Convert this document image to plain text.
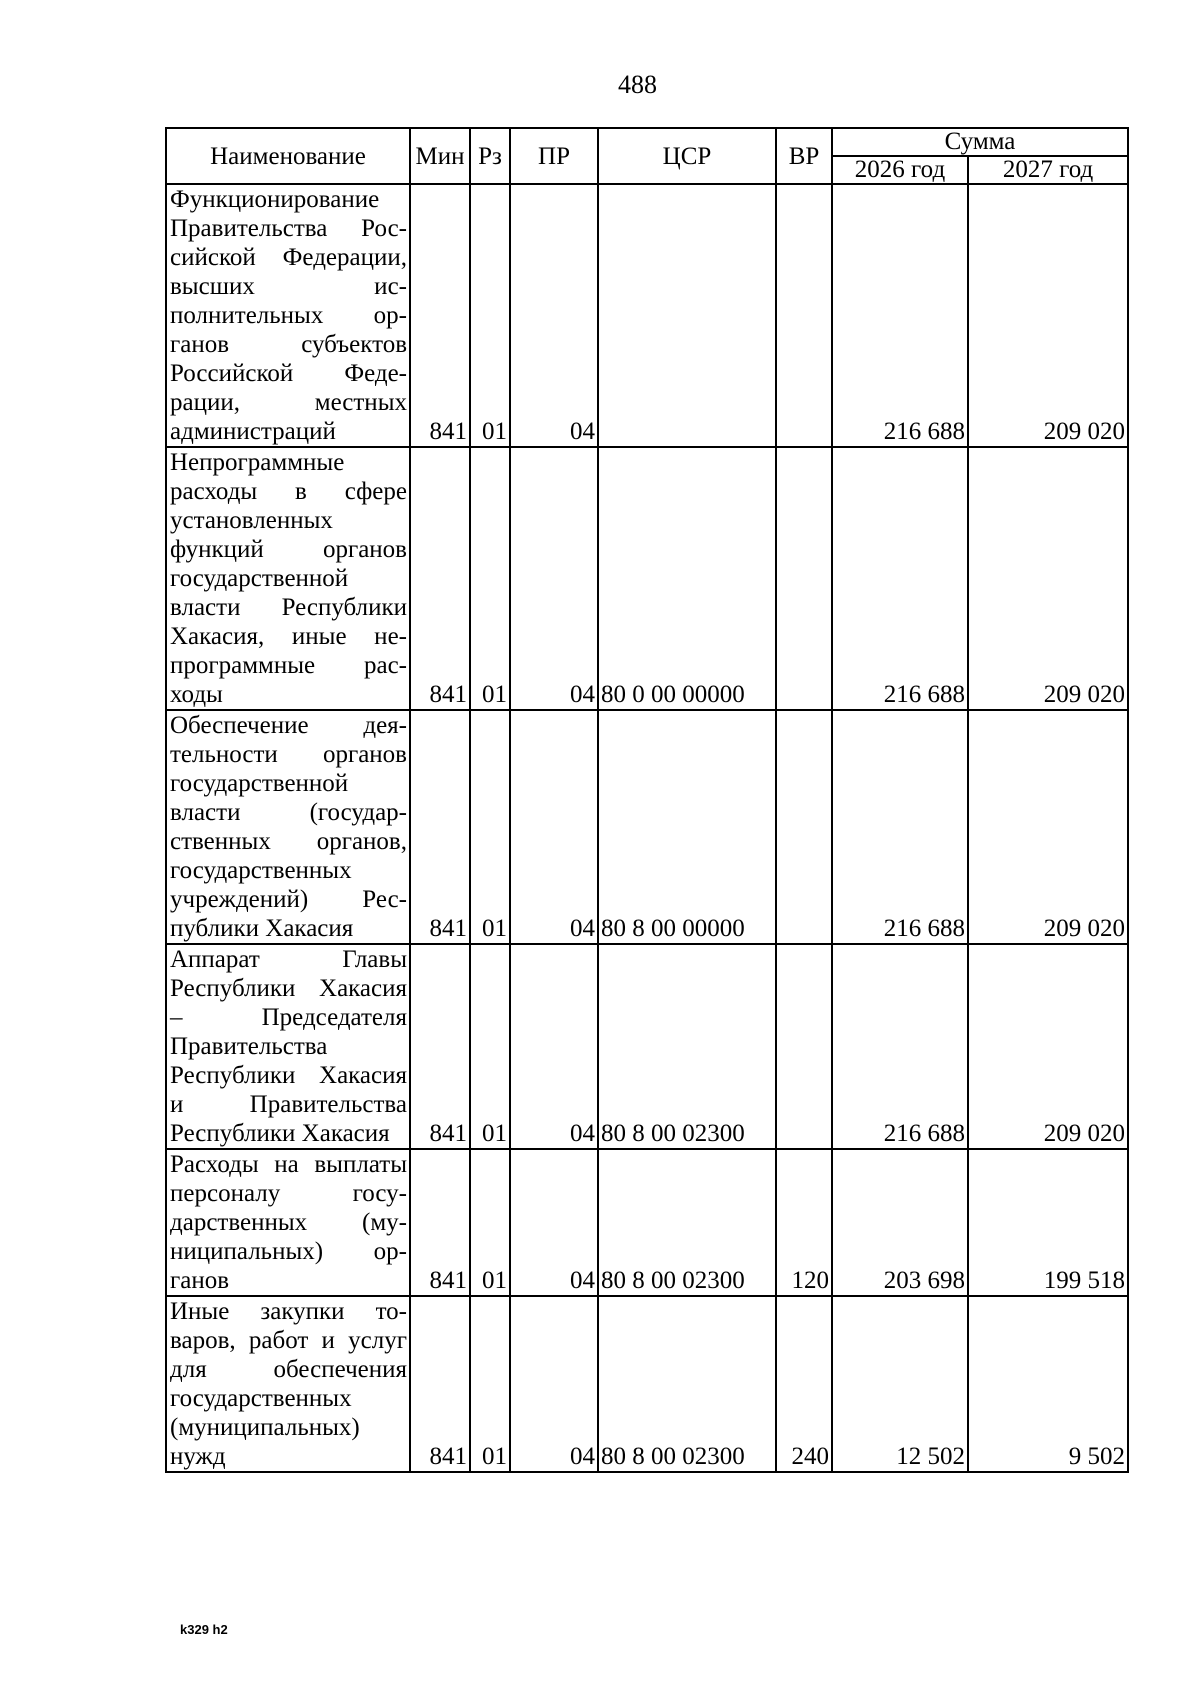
488
Наименование	Мин	Рз	ПР	ЦСР	ВР	Сумма	
						2026 год	2027 год
Функционирование Правительства Российской Федерации, высших исполнительных органов субъектов Российской Федерации, местных администраций	841	01	04			216 688	209 020
Непрограммные расходы в сфере установленных функций органов государственной власти Республики Хакасия, иные непрограммные расходы	841	01	04	80 0 00 00000		216 688	209 020
Обеспечение деятельности органов государственной власти (государственных органов, государственных учреждений) Республики Хакасия	841	01	04	80 8 00 00000		216 688	209 020
Аппарат Главы Республики Хакасия – Председателя Правительства Республики Хакасия и Правительства Республики Хакасия	841	01	04	80 8 00 02300		216 688	209 020
Расходы на выплаты персоналу государственных (муниципальных) органов	841	01	04	80 8 00 02300	120	203 698	199 518
Иные закупки товаров, работ и услуг для обеспечения государственных (муниципальных) нужд	841	01	04	80 8 00 02300	240	12 502	9 502
k329 h2
